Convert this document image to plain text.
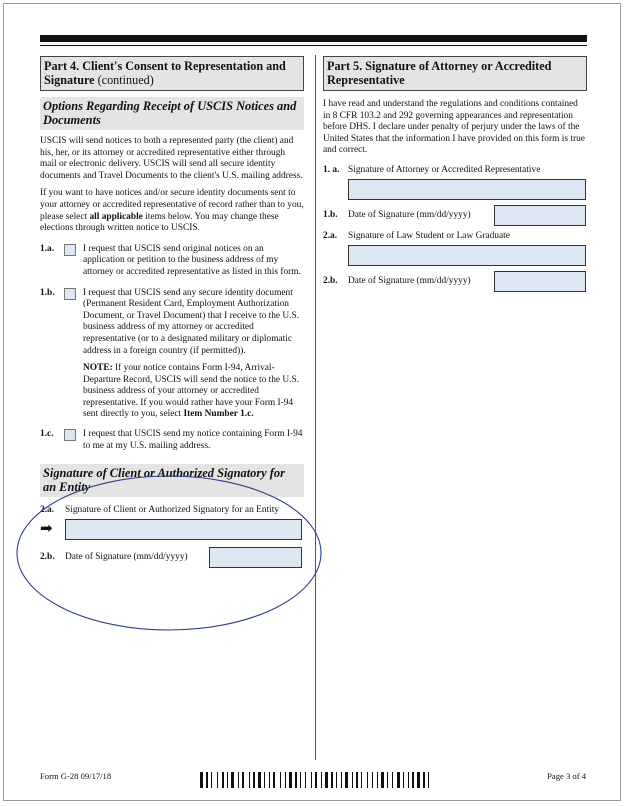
Part 4. Client's Consent to Representation and Signature (continued)
Options Regarding Receipt of USCIS Notices and Documents

USCIS will send notices to both a represented party (the client) and his, her, or its attorney or accredited representative either through mail or electronic delivery. USCIS will send all secure identity documents and Travel Documents to the client's U.S. mailing address.

If you want to have notices and/or secure identity documents sent to your attorney or accredited representative of record rather than to you, please select all applicable items below. You may change these elections through written notice to USCIS.

1.a.	I request that USCIS send original notices on an application or petition to the business address of my attorney or accredited representative as listed in this form.
1.b.	I request that USCIS send any secure identity document (Permanent Resident Card, Employment Authorization Document, or Travel Document) that I receive to the U.S. business address of my attorney or accredited representative (or to a designated military or diplomatic address in a foreign country (if permitted)).
NOTE: If your notice contains Form I-94, Arrival-Departure Record, USCIS will send the notice to the U.S. business address of your attorney or accredited representative. If you would rather have your Form I-94 sent directly to you, select Item Number 1.c.
1.c.	I request that USCIS send my notice containing Form I-94 to me at my U.S. mailing address.
Signature of Client or Authorized Signatory for an Entity
2.a. Signature of Client or Authorized Signatory for an Entity
➡
2.b. Date of Signature (mm/dd/yyyy)
Part 5. Signature of Attorney or Accredited Representative

I have read and understand the regulations and conditions contained in 8 CFR 103.2 and 292 governing appearances and representation before DHS. I declare under penalty of perjury under the laws of the United States that the information I have provided on this form is true and correct.

1. a. Signature of Attorney or Accredited Representative
1.b. Date of Signature (mm/dd/yyyy)
2.a. Signature of Law Student or Law Graduate
2.b. Date of Signature (mm/dd/yyyy)
Form G-28 09/17/18	Page 3 of 4
